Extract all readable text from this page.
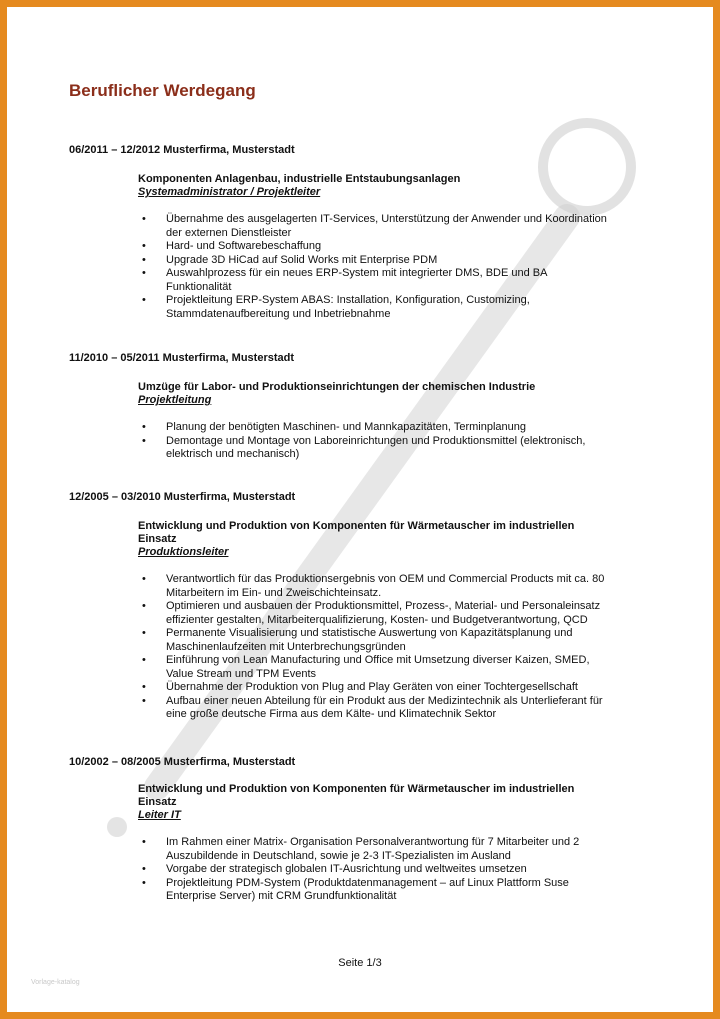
Beruflicher Werdegang

06/2011 – 12/2012 Musterfirma, Musterstadt

Komponenten Anlagenbau, industrielle Entstaubungsanlagen

Systemadministrator / Projektleiter

• Übernahme des ausgelagerten IT-Services, Unterstützung der Anwender und Koordination
der externen Dienstleister
• Hard- und Softwarebeschaffung
• Upgrade 3D HiCad auf Solid Works mit Enterprise PDM
• Auswahlprozess für ein neues ERP-System mit integrierter DMS, BDE und BA
Funktionalität
• Projektleitung ERP-System ABAS: Installation, Konfiguration, Customizing,
Stammdatenaufbereitung und Inbetriebnahme

11/2010 – 05/2011 Musterfirma, Musterstadt

Umzüge für Labor- und Produktionseinrichtungen der chemischen Industrie

Projektleitung

• Planung der benötigten Maschinen- und Mannkapazitäten, Terminplanung
• Demontage und Montage von Laboreinrichtungen und Produktionsmittel (elektronisch,
elektrisch und mechanisch)

12/2005 – 03/2010 Musterfirma, Musterstadt

Entwicklung und Produktion von Komponenten für Wärmetauscher im industriellen
Einsatz

Produktionsleiter

• Verantwortlich für das Produktionsergebnis von OEM und Commercial Products mit ca. 80
Mitarbeitern im Ein- und Zweischichteinsatz.
• Optimieren und ausbauen der Produktionsmittel, Prozess-, Material- und Personaleinsatz
effizienter gestalten, Mitarbeiterqualifizierung, Kosten- und Budgetverantwortung, QCD
• Permanente Visualisierung und statistische Auswertung von Kapazitätsplanung und
Maschinenlaufzeiten mit Unterbrechungsgründen
• Einführung von Lean Manufacturing und Office mit Umsetzung diverser Kaizen, SMED,
Value Stream und TPM Events
• Übernahme der Produktion von Plug and Play Geräten von einer Tochtergesellschaft
• Aufbau einer neuen Abteilung für ein Produkt aus der Medizintechnik als Unterlieferant für
eine große deutsche Firma aus dem Kälte- und Klimatechnik Sektor

10/2002 – 08/2005 Musterfirma, Musterstadt

Entwicklung und Produktion von Komponenten für Wärmetauscher im industriellen
Einsatz

Leiter IT

• Im Rahmen einer Matrix- Organisation Personalverantwortung für 7 Mitarbeiter und 2
Auszubildende in Deutschland, sowie je 2-3 IT-Spezialisten im Ausland
• Vorgabe der strategisch globalen IT-Ausrichtung und weltweites umsetzen
• Projektleitung PDM-System (Produktdatenmanagement – auf Linux Plattform Suse
Enterprise Server) mit CRM Grundfunktionalität
Seite 1/3
Vorlage-katalog
